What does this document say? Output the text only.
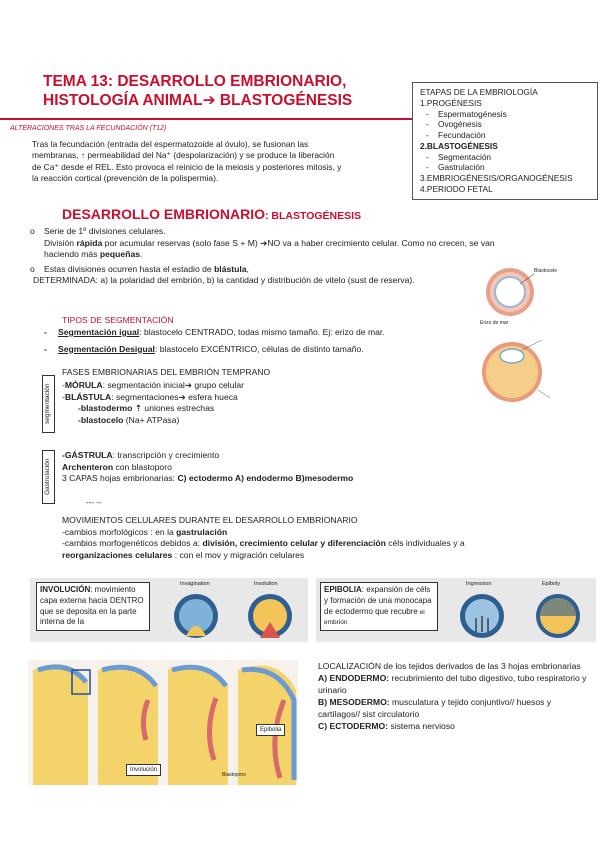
TEMA 13: DESARROLLO EMBRIONARIO,
HISTOLOGÍA ANIMAL➔ BLASTOGÉNESIS
ETAPAS DE LA EMBRIOLOGÍA
1.PROGÉNESIS
- Espermatogénesis
- Ovogénesis
- Fecundación
2.BLASTOGÉNESIS
- Segmentación
- Gastrulación
3.EMBRIOGÉNESIS/ORGANOGÉNESIS
4.PERIODO FETAL
ALTERACIONES TRAS LA FECUNDACIÓN (T12)
Tras la fecundación (entrada del espermatozoide al óvulo), se fusionan las
membranas, ↑ permeabilidad del Na⁺ (despolarización) y se produce la liberación
de Ca⁺ desde el REL. Esto provoca el reinicio de la meiosis y posteriores mitosis, y
la reacción cortical (prevención de la polispermia).
DESARROLLO EMBRIONARIO: BLASTOGÉNESIS
o Serie de 1º divisiones celulares.
División rápida por acumular reservas (solo fase S + M) ➔NO va a haber crecimiento celular. Como no crecen, se van
haciendo más pequeñas.
o Estas divisiones ocurren hasta el estadio de blástula,
DETERMINADA: a) la polaridad del embrión, b) la cantidad y distribución de vitelo (sust de reserva).
Blastocele
Erizo de mar
TIPOS DE SEGMENTACIÓN
- Segmentación igual: blastocelo CENTRADO, todas mismo tamaño. Ej: erizo de mar.
- Segmentación Desigual: blastocelo EXCÉNTRICO, células de distinto tamaño.
segmentación
FASES EMBRIONARIAS DEL EMBRIÓN TEMPRANO
-MÓRULA: segmentación inicial➔ grupo celular
-BLÁSTULA: segmentaciones➔ esfera hueca
-blastodermo ⇡ uniones estrechas
-blastocelo (Na+ ATPasa)
Gastrulación
-GÁSTRULA: transcripción y crecimiento
Archenteron con blastoporo
3 CAPAS hojas embrionarias: C) ectodermo A) endodermo B)mesodermo
--- --
MOVIMIENTOS CELULARES DURANTE EL DESARROLLO EMBRIONARIO
-cambios morfológicos : en la gastrulación
-cambios morfogenéticos debidos a: división, crecimiento celular y diferenciación céls individuales y a
reorganizaciones celulares : con el mov y migración celulares
INVOLUCIÓN: movimiento capa externa hacia DENTRO que se deposita en la parte interna de la
Invagination	Involution
EPIBOLIA: expansión de céls y formación de una monocapa de ectodermo que recubre el embrión
Ingression	Epiboly
Epibolia
Involución
Blastoporo
LOCALIZACIÓN de los tejidos derivados de las 3 hojas embrionarias
A) ENDODERMO: recubrimiento del tubo digestivo, tubo respiratorio y urinario
B) MESODERMO: musculatura y tejido conjuntivo// huesos y cartílagos// sist circulatorio
C) ECTODERMO: sistema nervioso
